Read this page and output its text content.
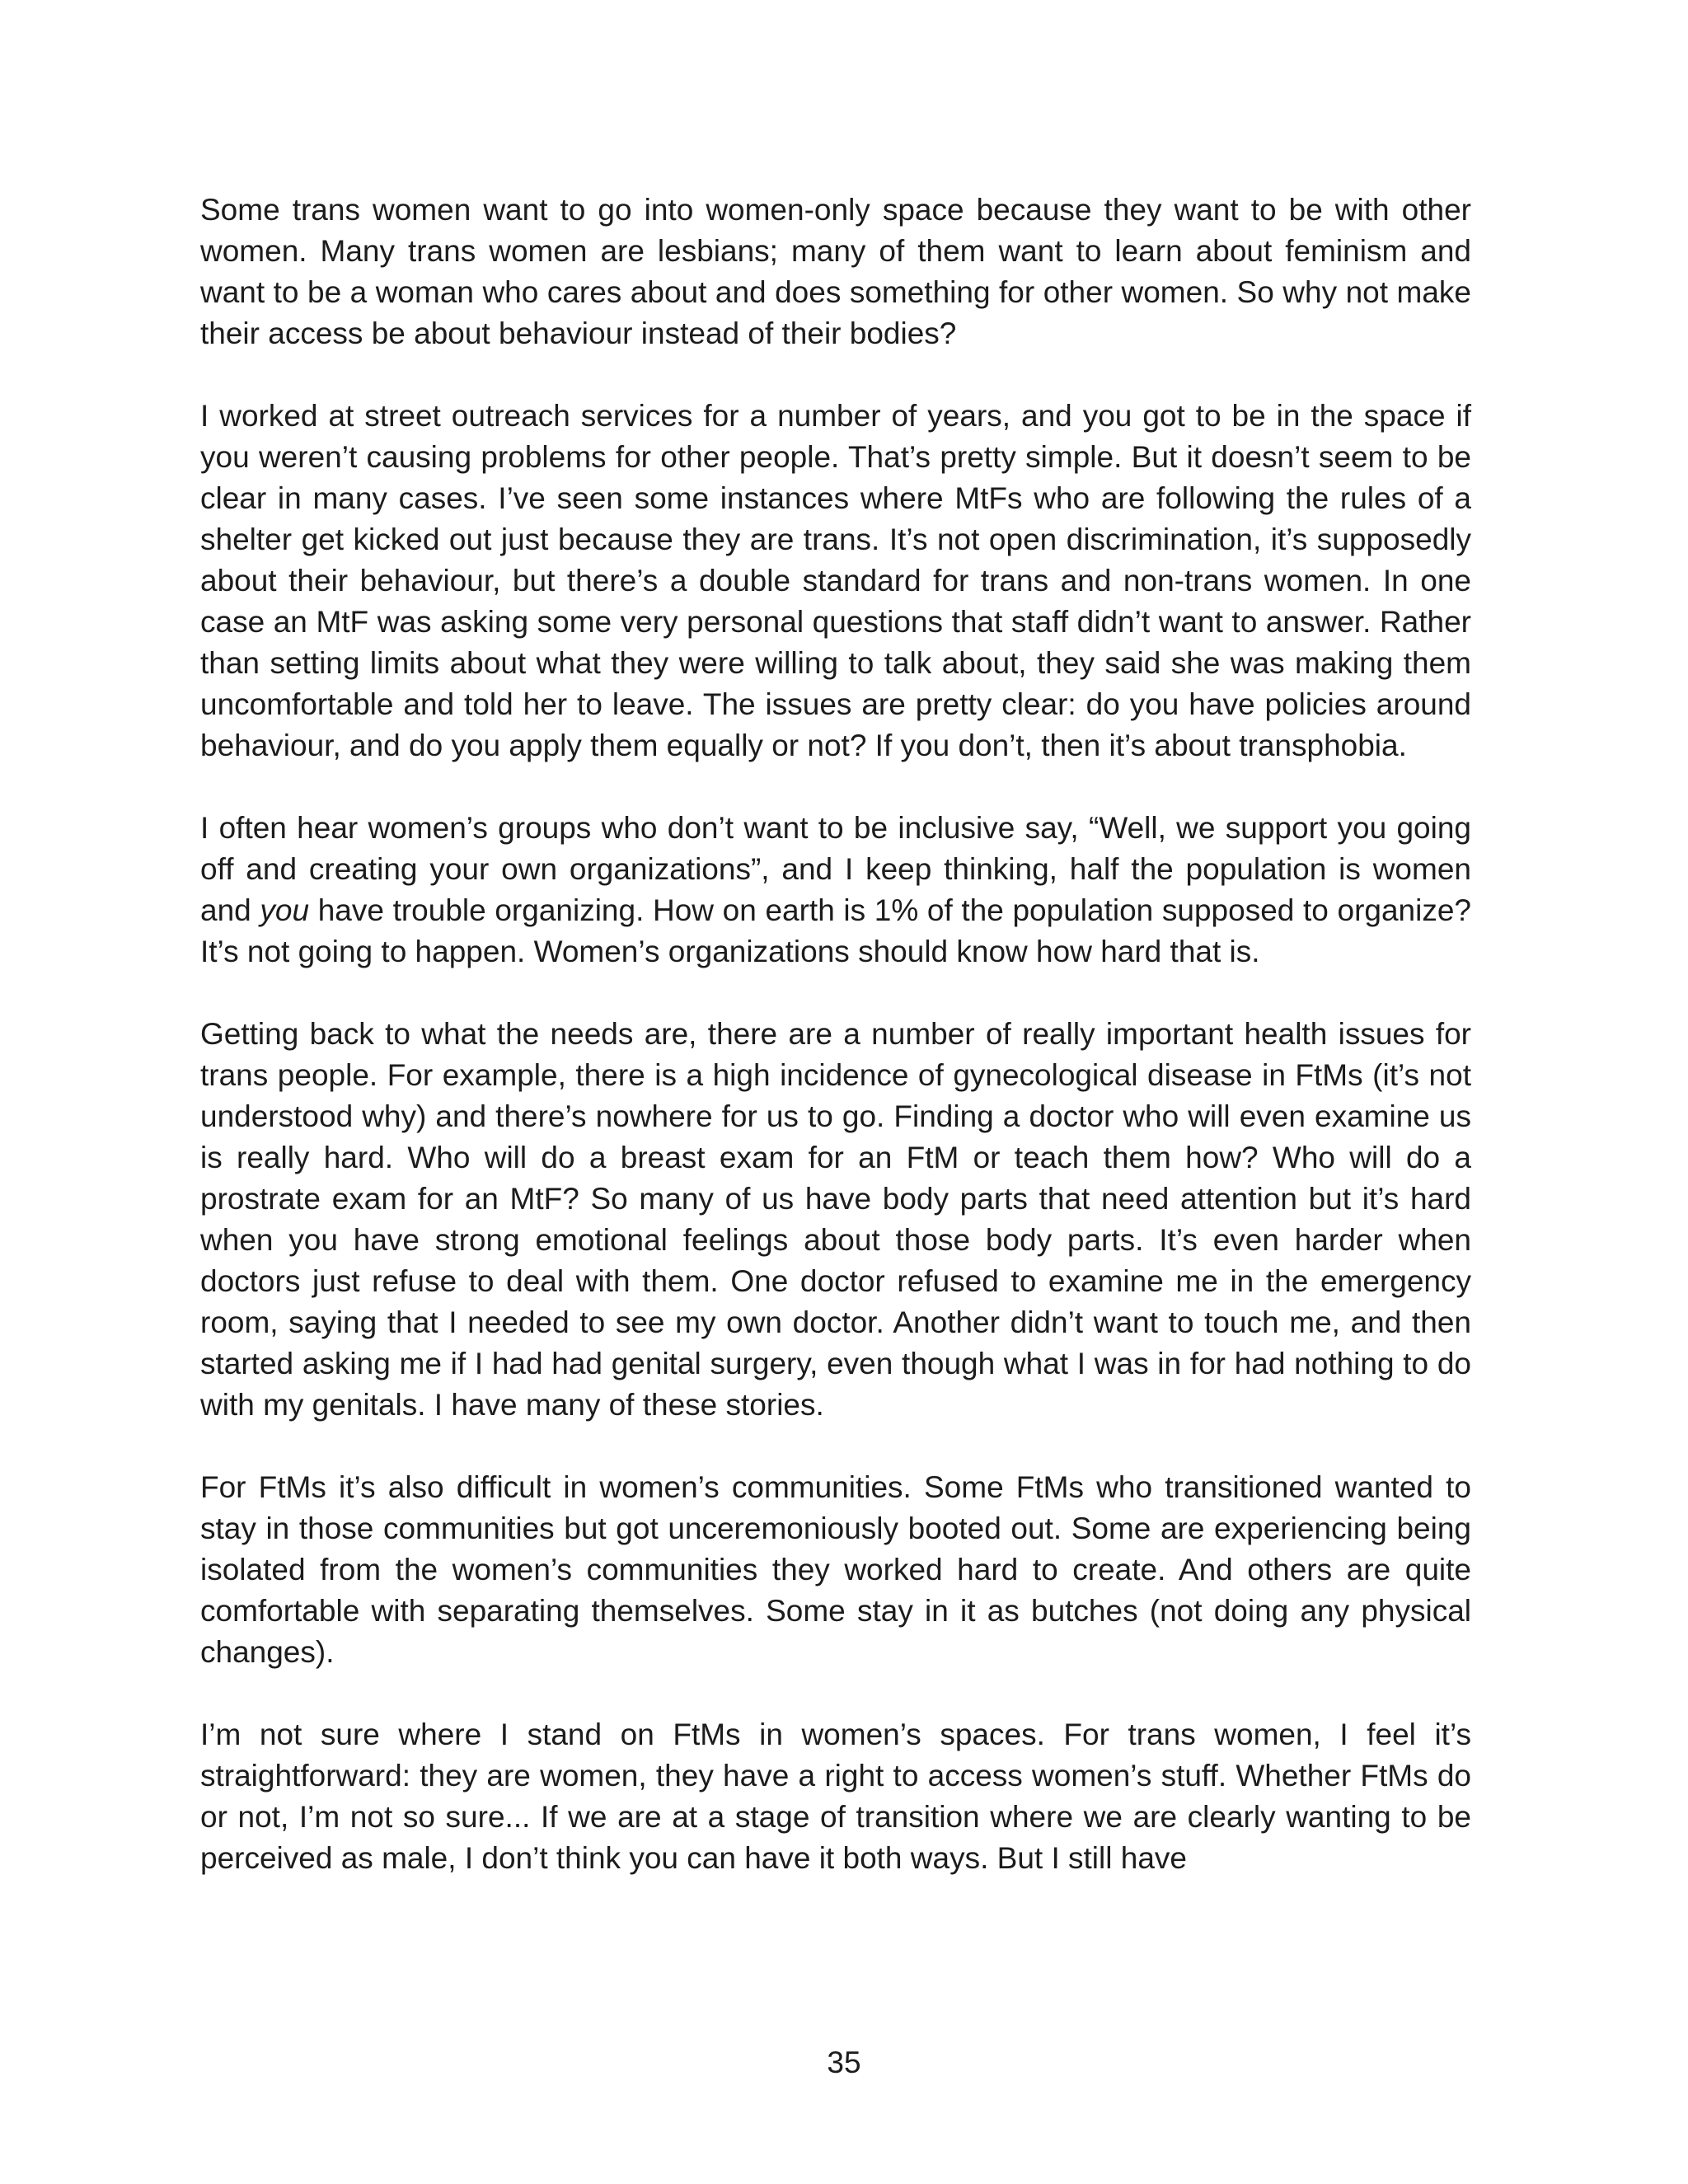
Some trans women want to go into women-only space because they want to be with other women. Many trans women are lesbians; many of them want to learn about feminism and want to be a woman who cares about and does something for other women. So why not make their access be about behaviour instead of their bodies?

I worked at street outreach services for a number of years, and you got to be in the space if you weren’t causing problems for other people. That’s pretty simple. But it doesn’t seem to be clear in many cases. I’ve seen some instances where MtFs who are following the rules of a shelter get kicked out just because they are trans. It’s not open discrimination, it’s supposedly about their behaviour, but there’s a double standard for trans and non-trans women. In one case an MtF was asking some very personal questions that staff didn’t want to answer. Rather than setting limits about what they were willing to talk about, they said she was making them uncomfortable and told her to leave. The issues are pretty clear: do you have policies around behaviour, and do you apply them equally or not? If you don’t, then it’s about transphobia.

I often hear women’s groups who don’t want to be inclusive say, “Well, we support you going off and creating your own organizations”, and I keep thinking, half the population is women and you have trouble organizing. How on earth is 1% of the population supposed to organize? It’s not going to happen. Women’s organizations should know how hard that is.

Getting back to what the needs are, there are a number of really important health issues for trans people. For example, there is a high incidence of gynecological disease in FtMs (it’s not understood why) and there’s nowhere for us to go. Finding a doctor who will even examine us is really hard. Who will do a breast exam for an FtM or teach them how? Who will do a prostrate exam for an MtF? So many of us have body parts that need attention but it’s hard when you have strong emotional feelings about those body parts. It’s even harder when doctors just refuse to deal with them. One doctor refused to examine me in the emergency room, saying that I needed to see my own doctor. Another didn’t want to touch me, and then started asking me if I had had genital surgery, even though what I was in for had nothing to do with my genitals. I have many of these stories.

For FtMs it’s also difficult in women’s communities. Some FtMs who transitioned wanted to stay in those communities but got unceremoniously booted out. Some are experiencing being isolated from the women’s communities they worked hard to create. And others are quite comfortable with separating themselves. Some stay in it as butches (not doing any physical changes).

I’m not sure where I stand on FtMs in women’s spaces. For trans women, I feel it’s straightforward: they are women, they have a right to access women’s stuff. Whether FtMs do or not, I’m not so sure... If we are at a stage of transition where we are clearly wanting to be perceived as male, I don’t think you can have it both ways. But I still have

35
